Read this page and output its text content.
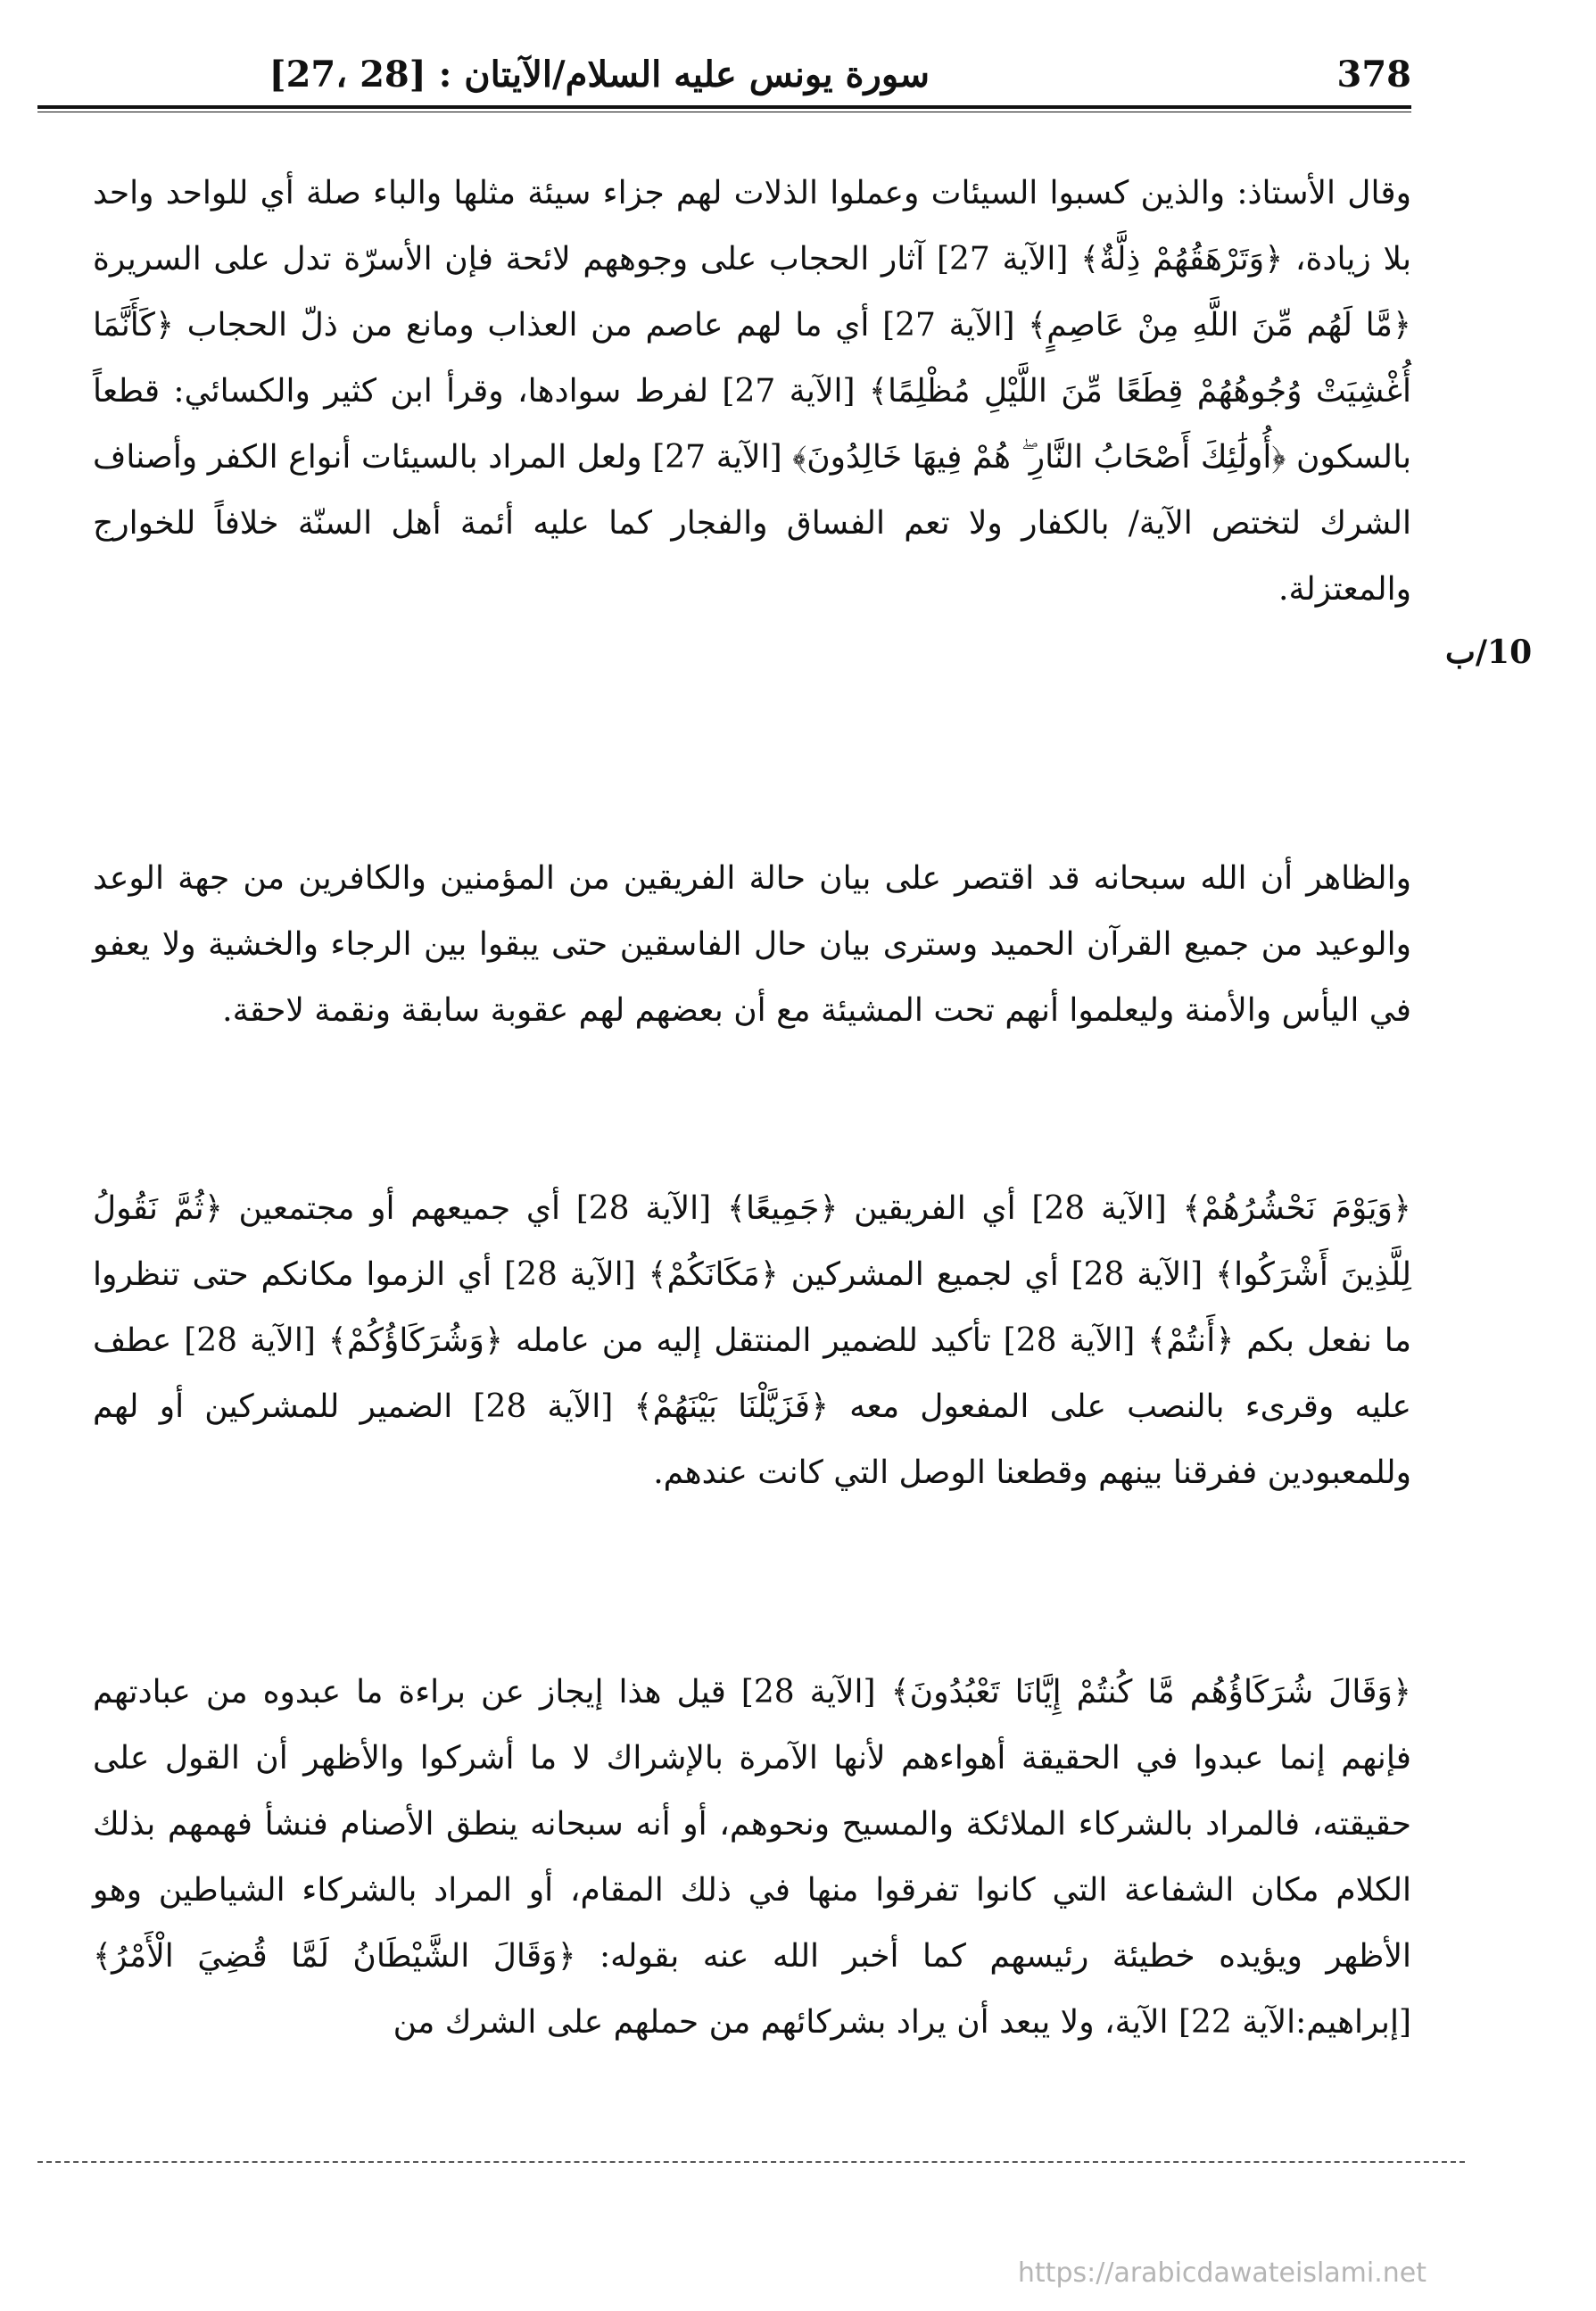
سورة يونس عليه السلام/الآيتان : [27، 28]	378
10/ب

وقال الأستاذ: والذين كسبوا السيئات وعملوا الذلات لهم جزاء سيئة مثلها والباء صلة أي للواحد واحد بلا زيادة، ﴿وَتَرْهَقُهُمْ ذِلَّةٌ﴾ [الآية 27] آثار الحجاب على وجوههم لائحة فإن الأسرّة تدل على السريرة ﴿مَّا لَهُم مِّنَ اللَّهِ مِنْ عَاصِمٍ﴾ [الآية 27] أي ما لهم عاصم من العذاب ومانع من ذلّ الحجاب ﴿كَأَنَّمَا أُغْشِيَتْ وُجُوهُهُمْ قِطَعًا مِّنَ اللَّيْلِ مُظْلِمًا﴾ [الآية 27] لفرط سوادها، وقرأ ابن كثير والكسائي: قطعاً بالسكون ﴿أُولَٰئِكَ أَصْحَابُ النَّارِ ۖ هُمْ فِيهَا خَالِدُونَ﴾ [الآية 27] ولعل المراد بالسيئات أنواع الكفر وأصناف الشرك لتختص الآية/ بالكفار ولا تعم الفساق والفجار كما عليه أئمة أهل السنّة خلافاً للخوارج والمعتزلة.

والظاهر أن الله سبحانه قد اقتصر على بيان حالة الفريقين من المؤمنين والكافرين من جهة الوعد والوعيد من جميع القرآن الحميد وسترى بيان حال الفاسقين حتى يبقوا بين الرجاء والخشية ولا يعفو في اليأس والأمنة وليعلموا أنهم تحت المشيئة مع أن بعضهم لهم عقوبة سابقة ونقمة لاحقة.

﴿وَيَوْمَ نَحْشُرُهُمْ﴾ [الآية 28] أي الفريقين ﴿جَمِيعًا﴾ [الآية 28] أي جميعهم أو مجتمعين ﴿ثُمَّ نَقُولُ لِلَّذِينَ أَشْرَكُوا﴾ [الآية 28] أي لجميع المشركين ﴿مَكَانَكُمْ﴾ [الآية 28] أي الزموا مكانكم حتى تنظروا ما نفعل بكم ﴿أَنتُمْ﴾ [الآية 28] تأكيد للضمير المنتقل إليه من عامله ﴿وَشُرَكَاؤُكُمْ﴾ [الآية 28] عطف عليه وقرىء بالنصب على المفعول معه ﴿فَزَيَّلْنَا بَيْنَهُمْ﴾ [الآية 28] الضمير للمشركين أو لهم وللمعبودين ففرقنا بينهم وقطعنا الوصل التي كانت عندهم.

﴿وَقَالَ شُرَكَاؤُهُم مَّا كُنتُمْ إِيَّانَا تَعْبُدُونَ﴾ [الآية 28] قيل هذا إيجاز عن براءة ما عبدوه من عبادتهم فإنهم إنما عبدوا في الحقيقة أهواءهم لأنها الآمرة بالإشراك لا ما أشركوا والأظهر أن القول على حقيقته، فالمراد بالشركاء الملائكة والمسيح ونحوهم، أو أنه سبحانه ينطق الأصنام فنشأ فهمهم بذلك الكلام مكان الشفاعة التي كانوا تفرقوا منها في ذلك المقام، أو المراد بالشركاء الشياطين وهو الأظهر ويؤيده خطيئة رئيسهم كما أخبر الله عنه بقوله: ﴿وَقَالَ الشَّيْطَانُ لَمَّا قُضِيَ الْأَمْرُ﴾ [إبراهيم:الآية 22] الآية، ولا يبعد أن يراد بشركائهم من حملهم على الشرك من

https://arabicdawateislami.net
